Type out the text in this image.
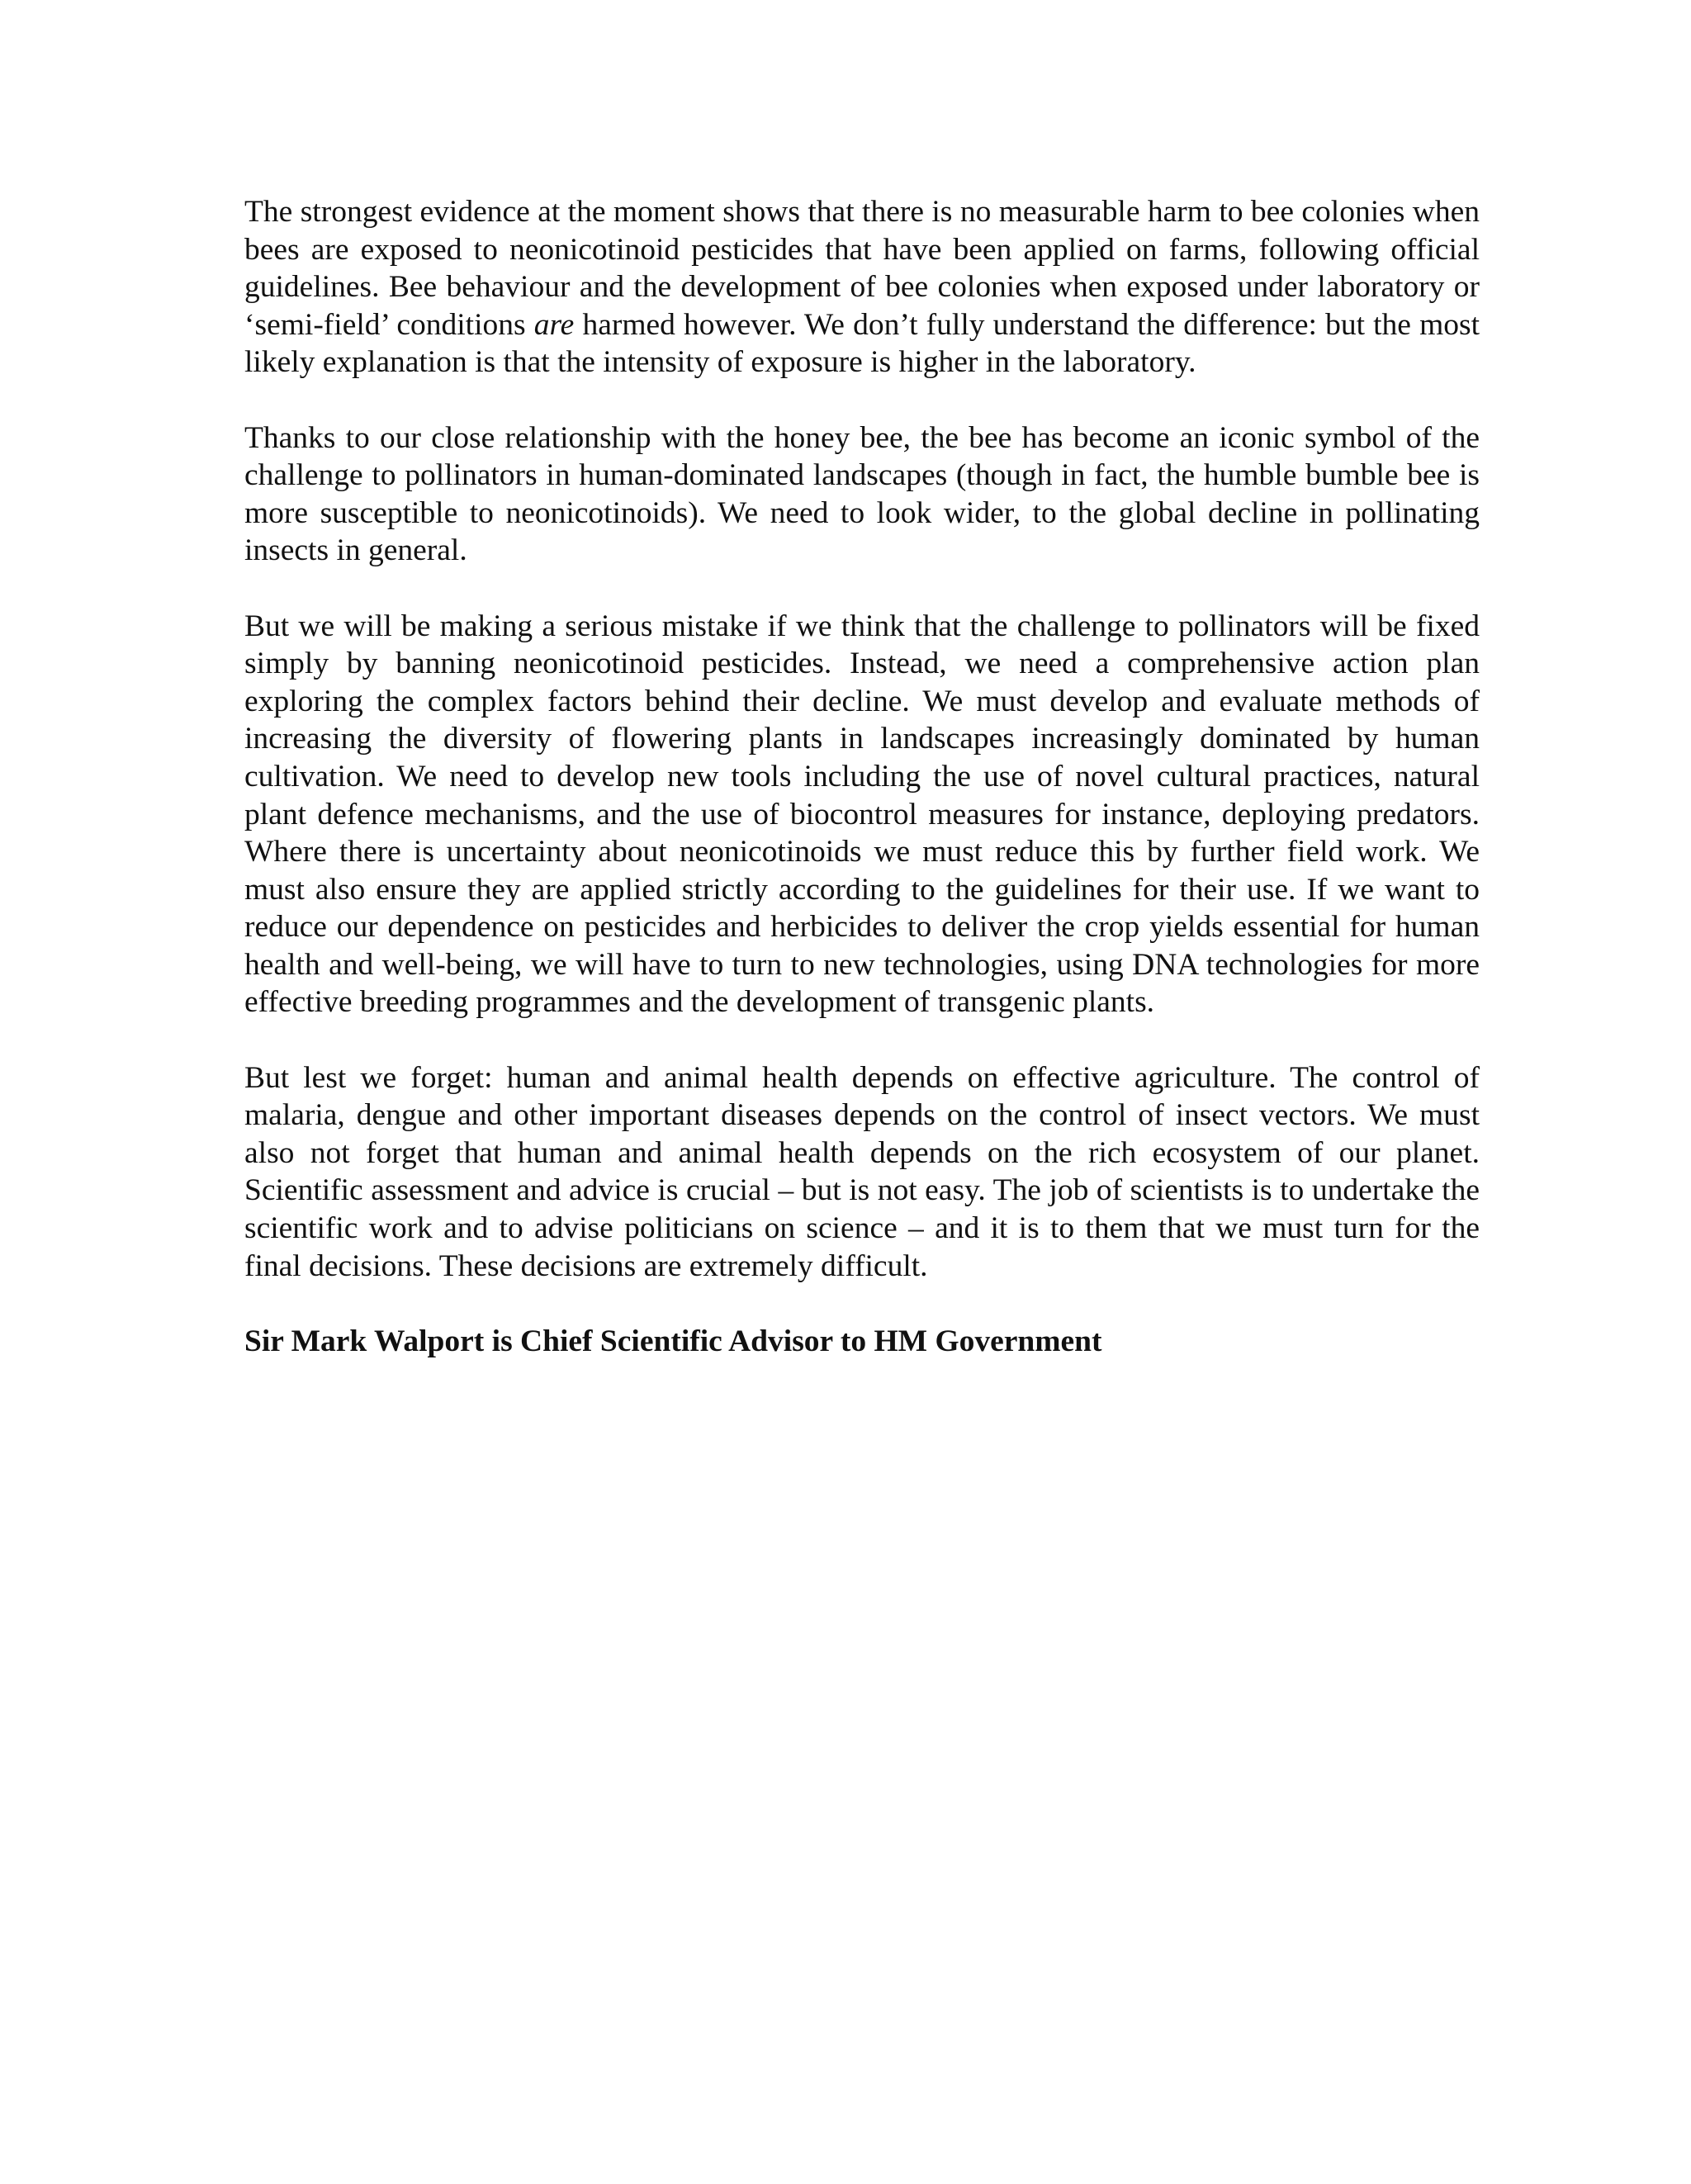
The strongest evidence at the moment shows that there is no measurable harm to bee colonies when bees are exposed to neonicotinoid pesticides that have been applied on farms, following official guidelines. Bee behaviour and the development of bee colonies when exposed under laboratory or ‘semi-field’ conditions are harmed however. We don’t fully understand the difference: but the most likely explanation is that the intensity of exposure is higher in the laboratory.

Thanks to our close relationship with the honey bee, the bee has become an iconic symbol of the challenge to pollinators in human-dominated landscapes (though in fact, the humble bumble bee is more susceptible to neonicotinoids). We need to look wider, to the global decline in pollinating insects in general.

But we will be making a serious mistake if we think that the challenge to pollinators will be fixed simply by banning neonicotinoid pesticides. Instead, we need a comprehensive action plan exploring the complex factors behind their decline. We must develop and evaluate methods of increasing the diversity of flowering plants in landscapes increasingly dominated by human cultivation. We need to develop new tools including the use of novel cultural practices, natural plant defence mechanisms, and the use of biocontrol measures for instance, deploying predators. Where there is uncertainty about neonicotinoids we must reduce this by further field work. We must also ensure they are applied strictly according to the guidelines for their use. If we want to reduce our dependence on pesticides and herbicides to deliver the crop yields essential for human health and well-being, we will have to turn to new technologies, using DNA technologies for more effective breeding programmes and the development of transgenic plants.

But lest we forget: human and animal health depends on effective agriculture. The control of malaria, dengue and other important diseases depends on the control of insect vectors. We must also not forget that human and animal health depends on the rich ecosystem of our planet. Scientific assessment and advice is crucial – but is not easy. The job of scientists is to undertake the scientific work and to advise politicians on science – and it is to them that we must turn for the final decisions. These decisions are extremely difficult.

Sir Mark Walport is Chief Scientific Advisor to HM Government
